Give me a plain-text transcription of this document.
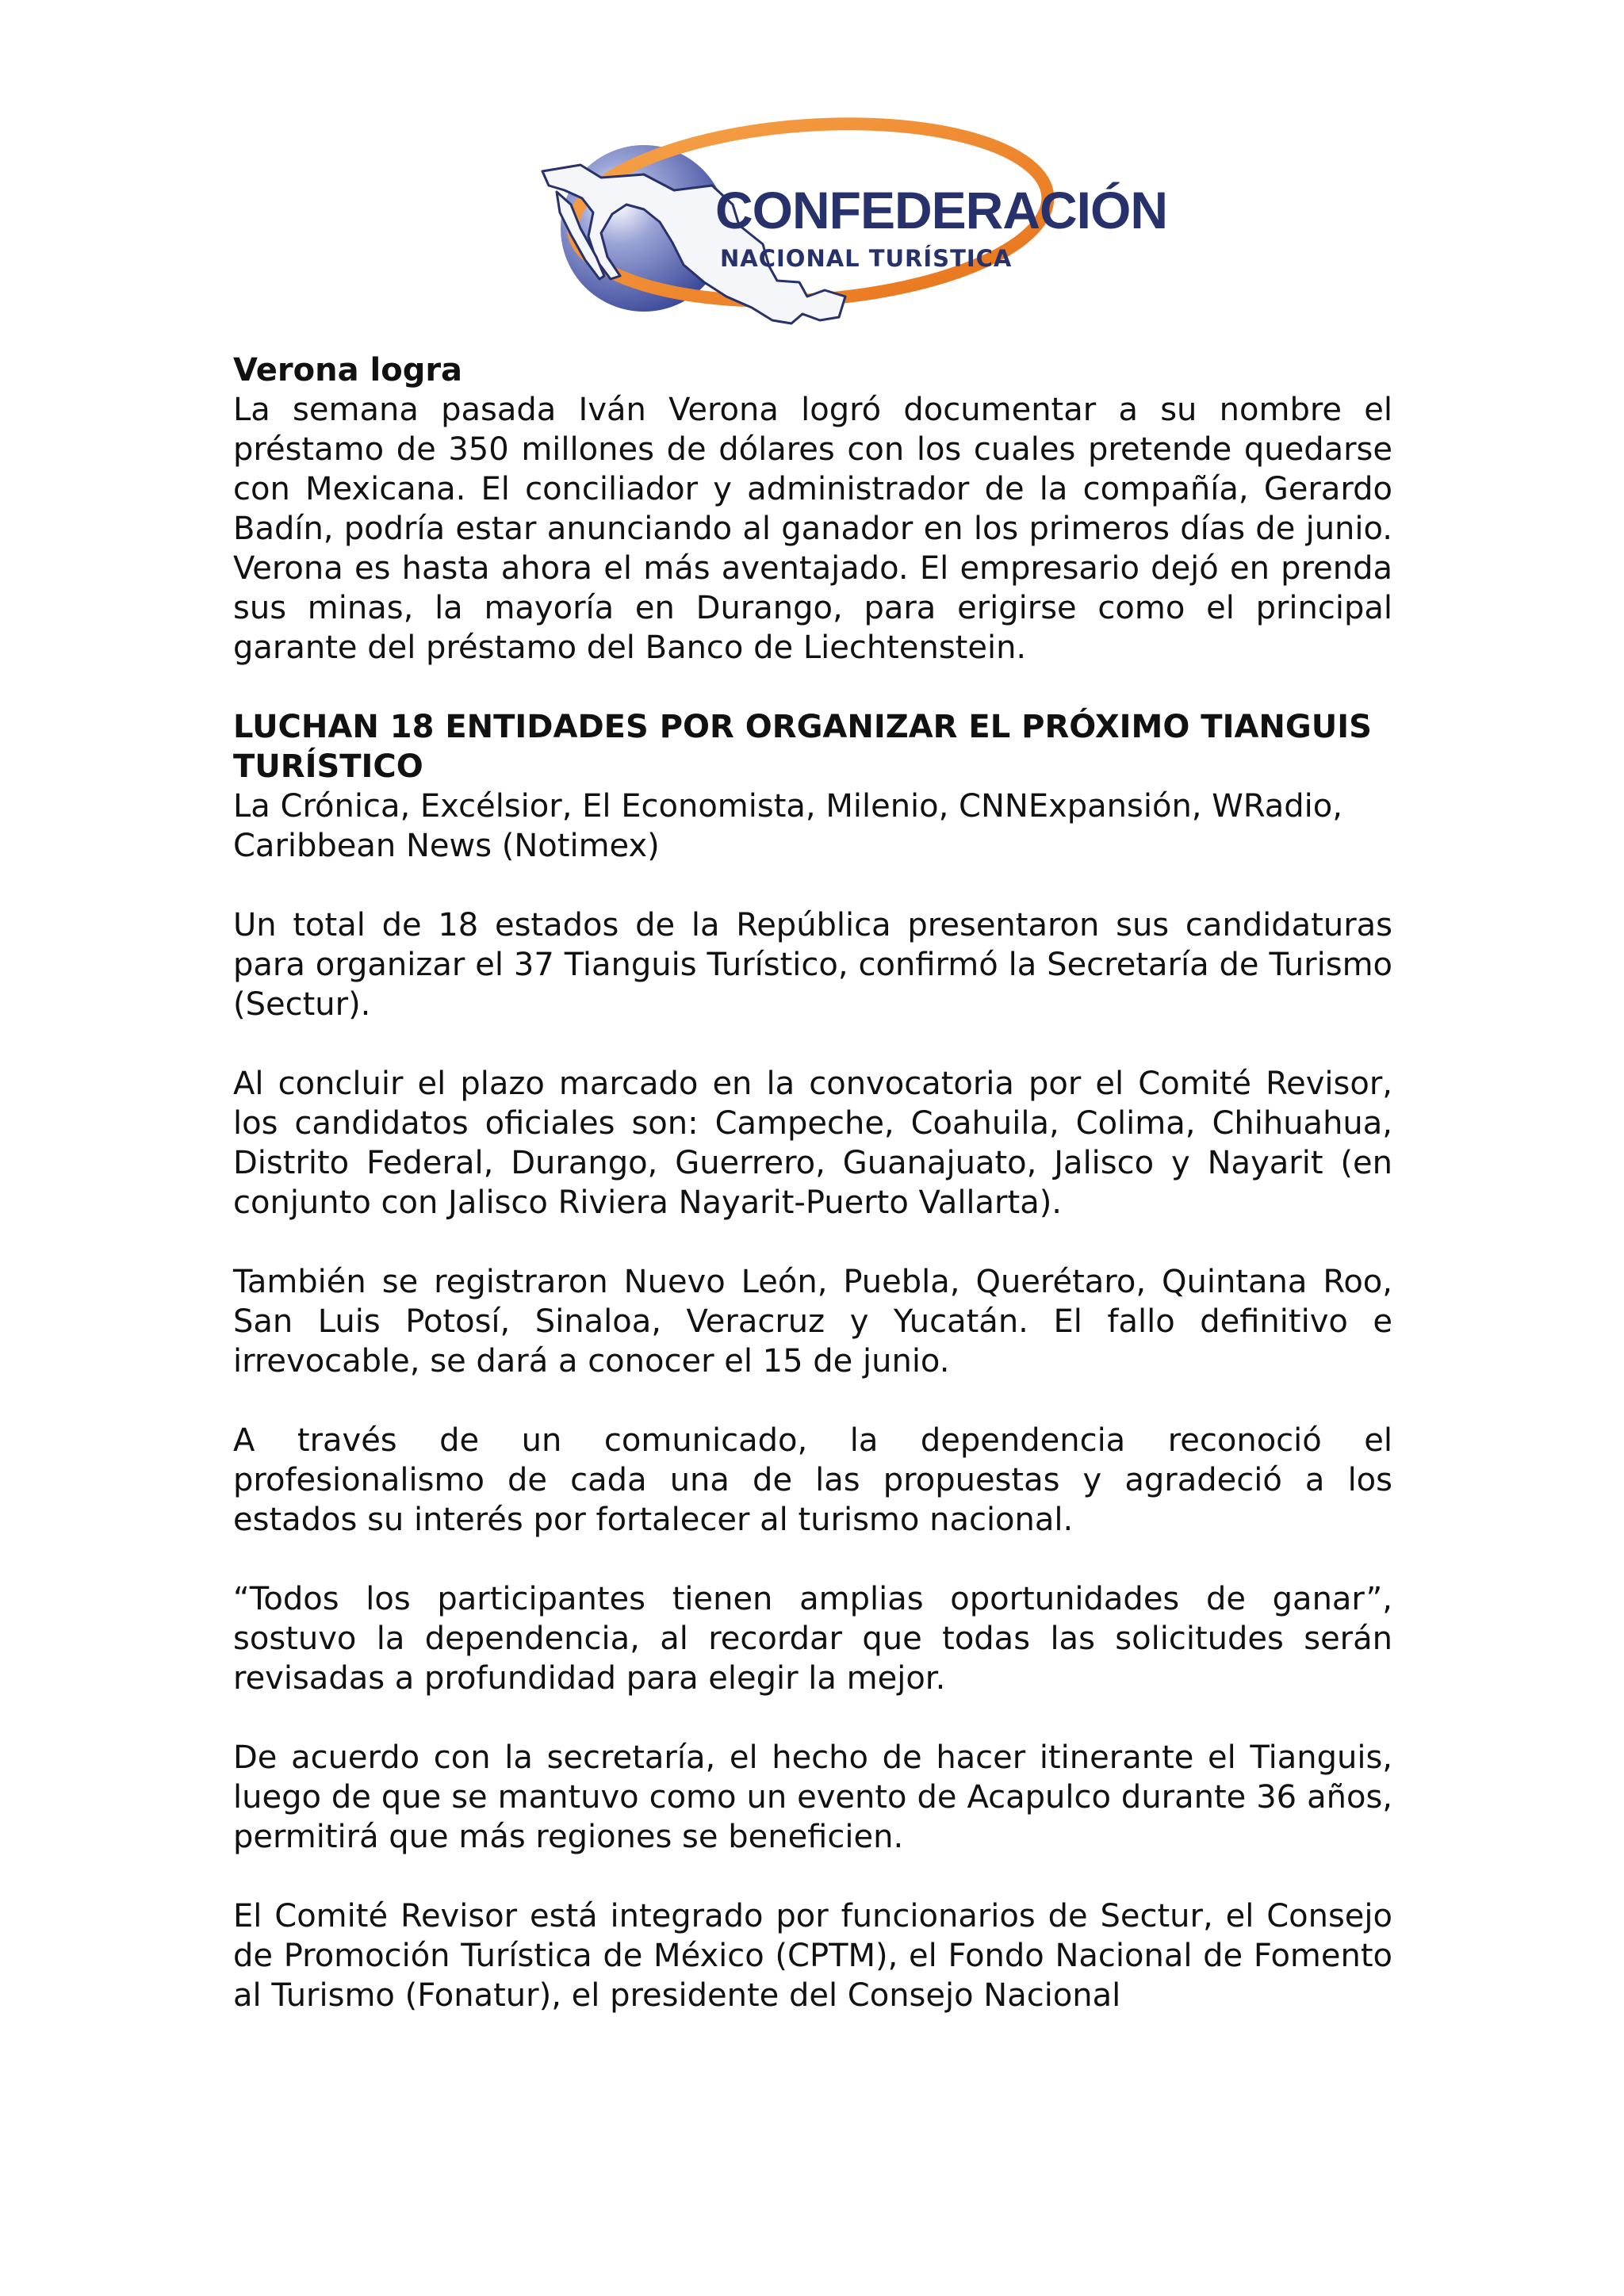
CONFEDERACIÓN
NACIONAL TURÍSTICA

Verona logra

La semana pasada Iván Verona logró documentar a su nombre el préstamo de 350 millones de dólares con los cuales pretende quedarse con Mexicana. El conciliador y administrador de la compañía, Gerardo Badín, podría estar anunciando al ganador en los primeros días de junio. Verona es hasta ahora el más aventajado. El empresario dejó en prenda sus minas, la mayoría en Durango, para erigirse como el principal garante del préstamo del Banco de Liechtenstein.

LUCHAN 18 ENTIDADES POR ORGANIZAR EL PRÓXIMO TIANGUIS TURÍSTICO

La Crónica, Excélsior, El Economista, Milenio, CNNExpansión, WRadio, Caribbean News (Notimex)

Un total de 18 estados de la República presentaron sus candidaturas para organizar el 37 Tianguis Turístico, confirmó la Secretaría de Turismo (Sectur).

Al concluir el plazo marcado en la convocatoria por el Comité Revisor, los candidatos oficiales son: Campeche, Coahuila, Colima, Chihuahua, Distrito Federal, Durango, Guerrero, Guanajuato, Jalisco y Nayarit (en conjunto con Jalisco Riviera Nayarit-Puerto Vallarta).

También se registraron Nuevo León, Puebla, Querétaro, Quintana Roo, San Luis Potosí, Sinaloa, Veracruz y Yucatán. El fallo definitivo e irrevocable, se dará a conocer el 15 de junio.

A través de un comunicado, la dependencia reconoció el profesionalismo de cada una de las propuestas y agradeció a los estados su interés por fortalecer al turismo nacional.

“Todos los participantes tienen amplias oportunidades de ganar”, sostuvo la dependencia, al recordar que todas las solicitudes serán revisadas a profundidad para elegir la mejor.

De acuerdo con la secretaría, el hecho de hacer itinerante el Tianguis, luego de que se mantuvo como un evento de Acapulco durante 36 años, permitirá que más regiones se beneficien.

El Comité Revisor está integrado por funcionarios de Sectur, el Consejo de Promoción Turística de México (CPTM), el Fondo Nacional de Fomento al Turismo (Fonatur), el presidente del Consejo Nacional
